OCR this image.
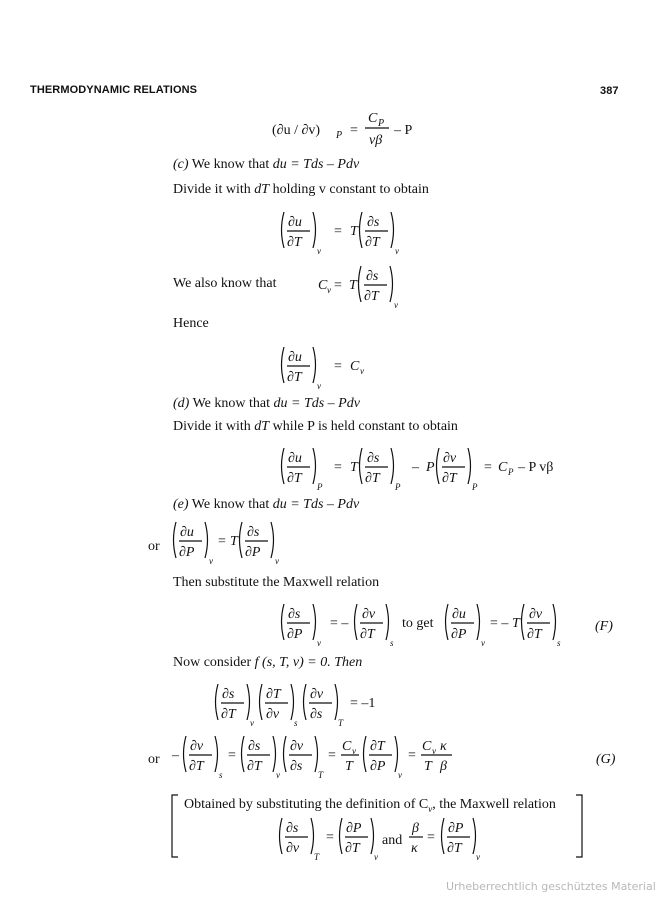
THERMODYNAMIC RELATIONS	387
(∂u / ∂v) P =
C P
vβ
– P
(c) We know that du = Tds – Pdv
Divide it with dT holding v constant to obtain
∂u
∂T
v
= T
∂s
∂T
v
We also know that	C v = T
∂s
∂T
v
Hence
∂u
∂T
v
= C v
(d) We know that du = Tds – Pdv
Divide it with dT while P is held constant to obtain
∂u
∂T
P
= T
∂s
∂T
P
– P
∂v
∂T
P
= C P – P vβ
(e) We know that du = Tds – Pdv
or
∂u
∂P
v
= T
∂s
∂P
v
Then substitute the Maxwell relation
∂s
∂P
v
= –
∂v
∂T
s
to get
∂u
∂P
v
= – T
∂v
∂T
s
(F)
Now consider f (s, T, v) = 0. Then
∂s
∂T
v
∂T
∂v
s
∂v
∂s
T
= –1
or –
∂v
∂T
s
=
∂s
∂T
v
∂v
∂s
T
=
C v
T
∂T
∂P
v
=
C v κ
T β	(G)
Obtained by substituting the definition of $C_v$, the Maxwell relation
∂s
∂v
T
=
∂P
∂T
v
and
β
κ
=
∂P
∂T
v
Urheberrechtlich geschütztes Material
